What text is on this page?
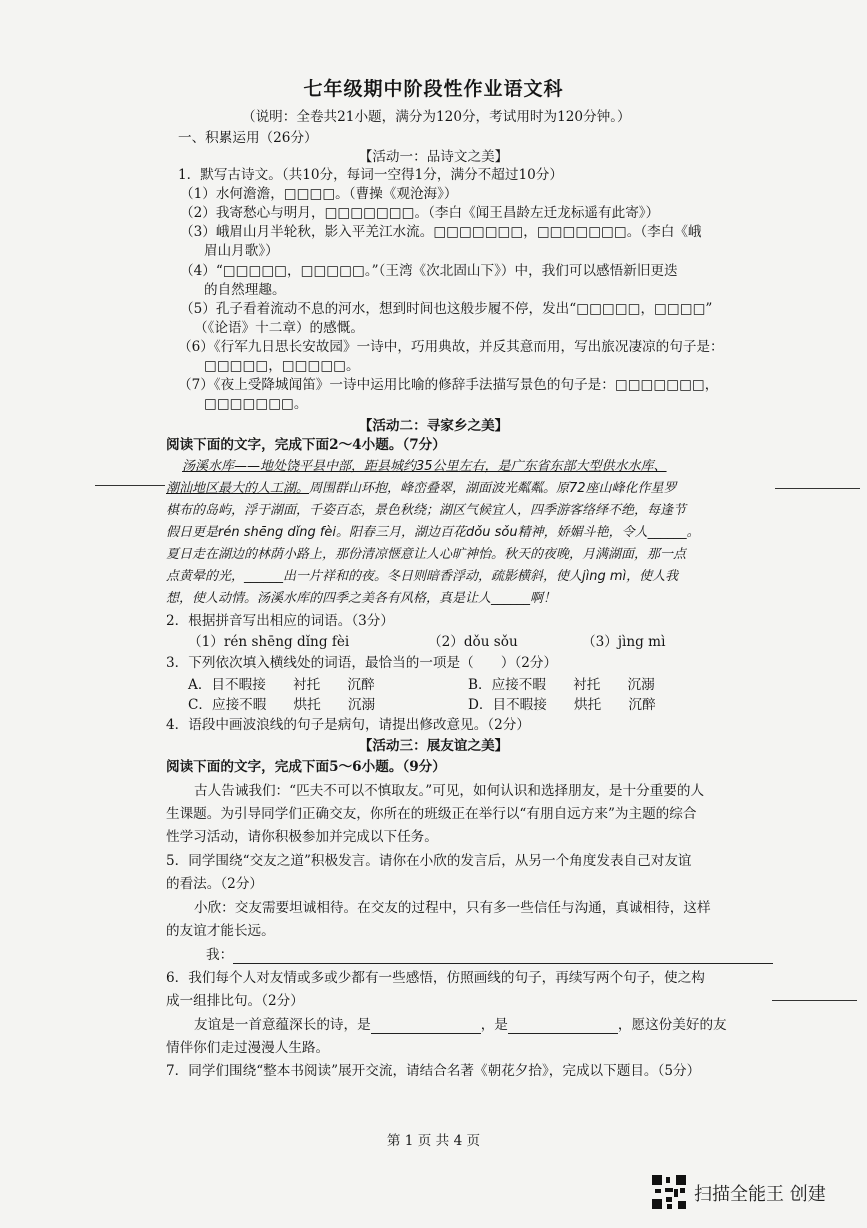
七年级期中阶段性作业语文科
（说明：全卷共21小题，满分为120分，考试用时为120分钟。）
一、积累运用（26分）
【活动一：品诗文之美】
1．默写古诗文。（共10分，每词一空得1分，满分不超过10分）
（1）水何澹澹，□□□□。（曹操《观沧海》）
（2）我寄愁心与明月，□□□□□□□。（李白《闻王昌龄左迁龙标遥有此寄》）
（3）峨眉山月半轮秋，影入平羌江水流。□□□□□□□，□□□□□□□。（李白《峨
眉山月歌》）
（4）“□□□□□，□□□□□。”（王湾《次北固山下》）中，我们可以感悟新旧更迭
的自然理趣。
（5）孔子看着流动不息的河水，想到时间也这般步履不停，发出“□□□□□，□□□□”
（《论语》十二章）的感慨。
（6）《行军九日思长安故园》一诗中，巧用典故，并反其意而用，写出旅况凄凉的句子是：
□□□□□，□□□□□。
（7）《夜上受降城闻笛》一诗中运用比喻的修辞手法描写景色的句子是：□□□□□□□，
□□□□□□□。
【活动二：寻家乡之美】
阅读下面的文字，完成下面2～4小题。（7分）
汤溪水库——地处饶平县中部，距县城约35公里左右，是广东省东部大型供水水库、
潮汕地区最大的人工湖。周围群山环抱，峰峦叠翠，湖面波光粼粼。原72座山峰化作星罗
棋布的岛屿，浮于湖面，千姿百态，景色秋绕；湖区气候宜人，四季游客络绎不绝，每逢节
假日更是rén shēng dǐng fèi。阳春三月，湖边百花dǒu sǒu精神，娇媚斗艳，令人______。
夏日走在湖边的林荫小路上，那份清凉惬意让人心旷神怡。秋天的夜晚，月满湖面，那一点
点黄晕的光，______出一片祥和的夜。冬日则暗香浮动，疏影横斜，使人jìng mì，使人我
想，使人动情。汤溪水库的四季之美各有风格，真是让人______啊！
2．根据拼音写出相应的词语。（3分）
（1）rén shēng dǐng fèi	（2）dǒu sǒu	（3）jìng mì
3．下列依次填入横线处的词语，最恰当的一项是（　　）（2分）
A．目不暇接　　衬托　　沉醉	B．应接不暇　　衬托　　沉溺
C．应接不暇　　烘托　　沉溺	D．目不暇接　　烘托　　沉醉
4．语段中画波浪线的句子是病句，请提出修改意见。（2分）
【活动三：展友谊之美】
阅读下面的文字，完成下面5～6小题。（9分）
古人告诫我们：“匹夫不可以不慎取友。”可见，如何认识和选择朋友，是十分重要的人
生课题。为引导同学们正确交友，你所在的班级正在举行以“有朋自远方来”为主题的综合
性学习活动，请你积极参加并完成以下任务。
5．同学围绕“交友之道”积极发言。请你在小欣的发言后，从另一个角度发表自己对友谊
的看法。（2分）
小欣：交友需要坦诚相待。在交友的过程中，只有多一些信任与沟通，真诚相待，这样
的友谊才能长远。
我：
6．我们每个人对友情或多或少都有一些感悟，仿照画线的句子，再续写两个句子，使之构
成一组排比句。（2分）
友谊是一首意蕴深长的诗，是	，是	，愿这份美好的友
情伴你们走过漫漫人生路。
7．同学们围绕“整本书阅读”展开交流，请结合名著《朝花夕拾》，完成以下题目。（5分）
第 1 页 共 4 页
扫描全能王 创建
